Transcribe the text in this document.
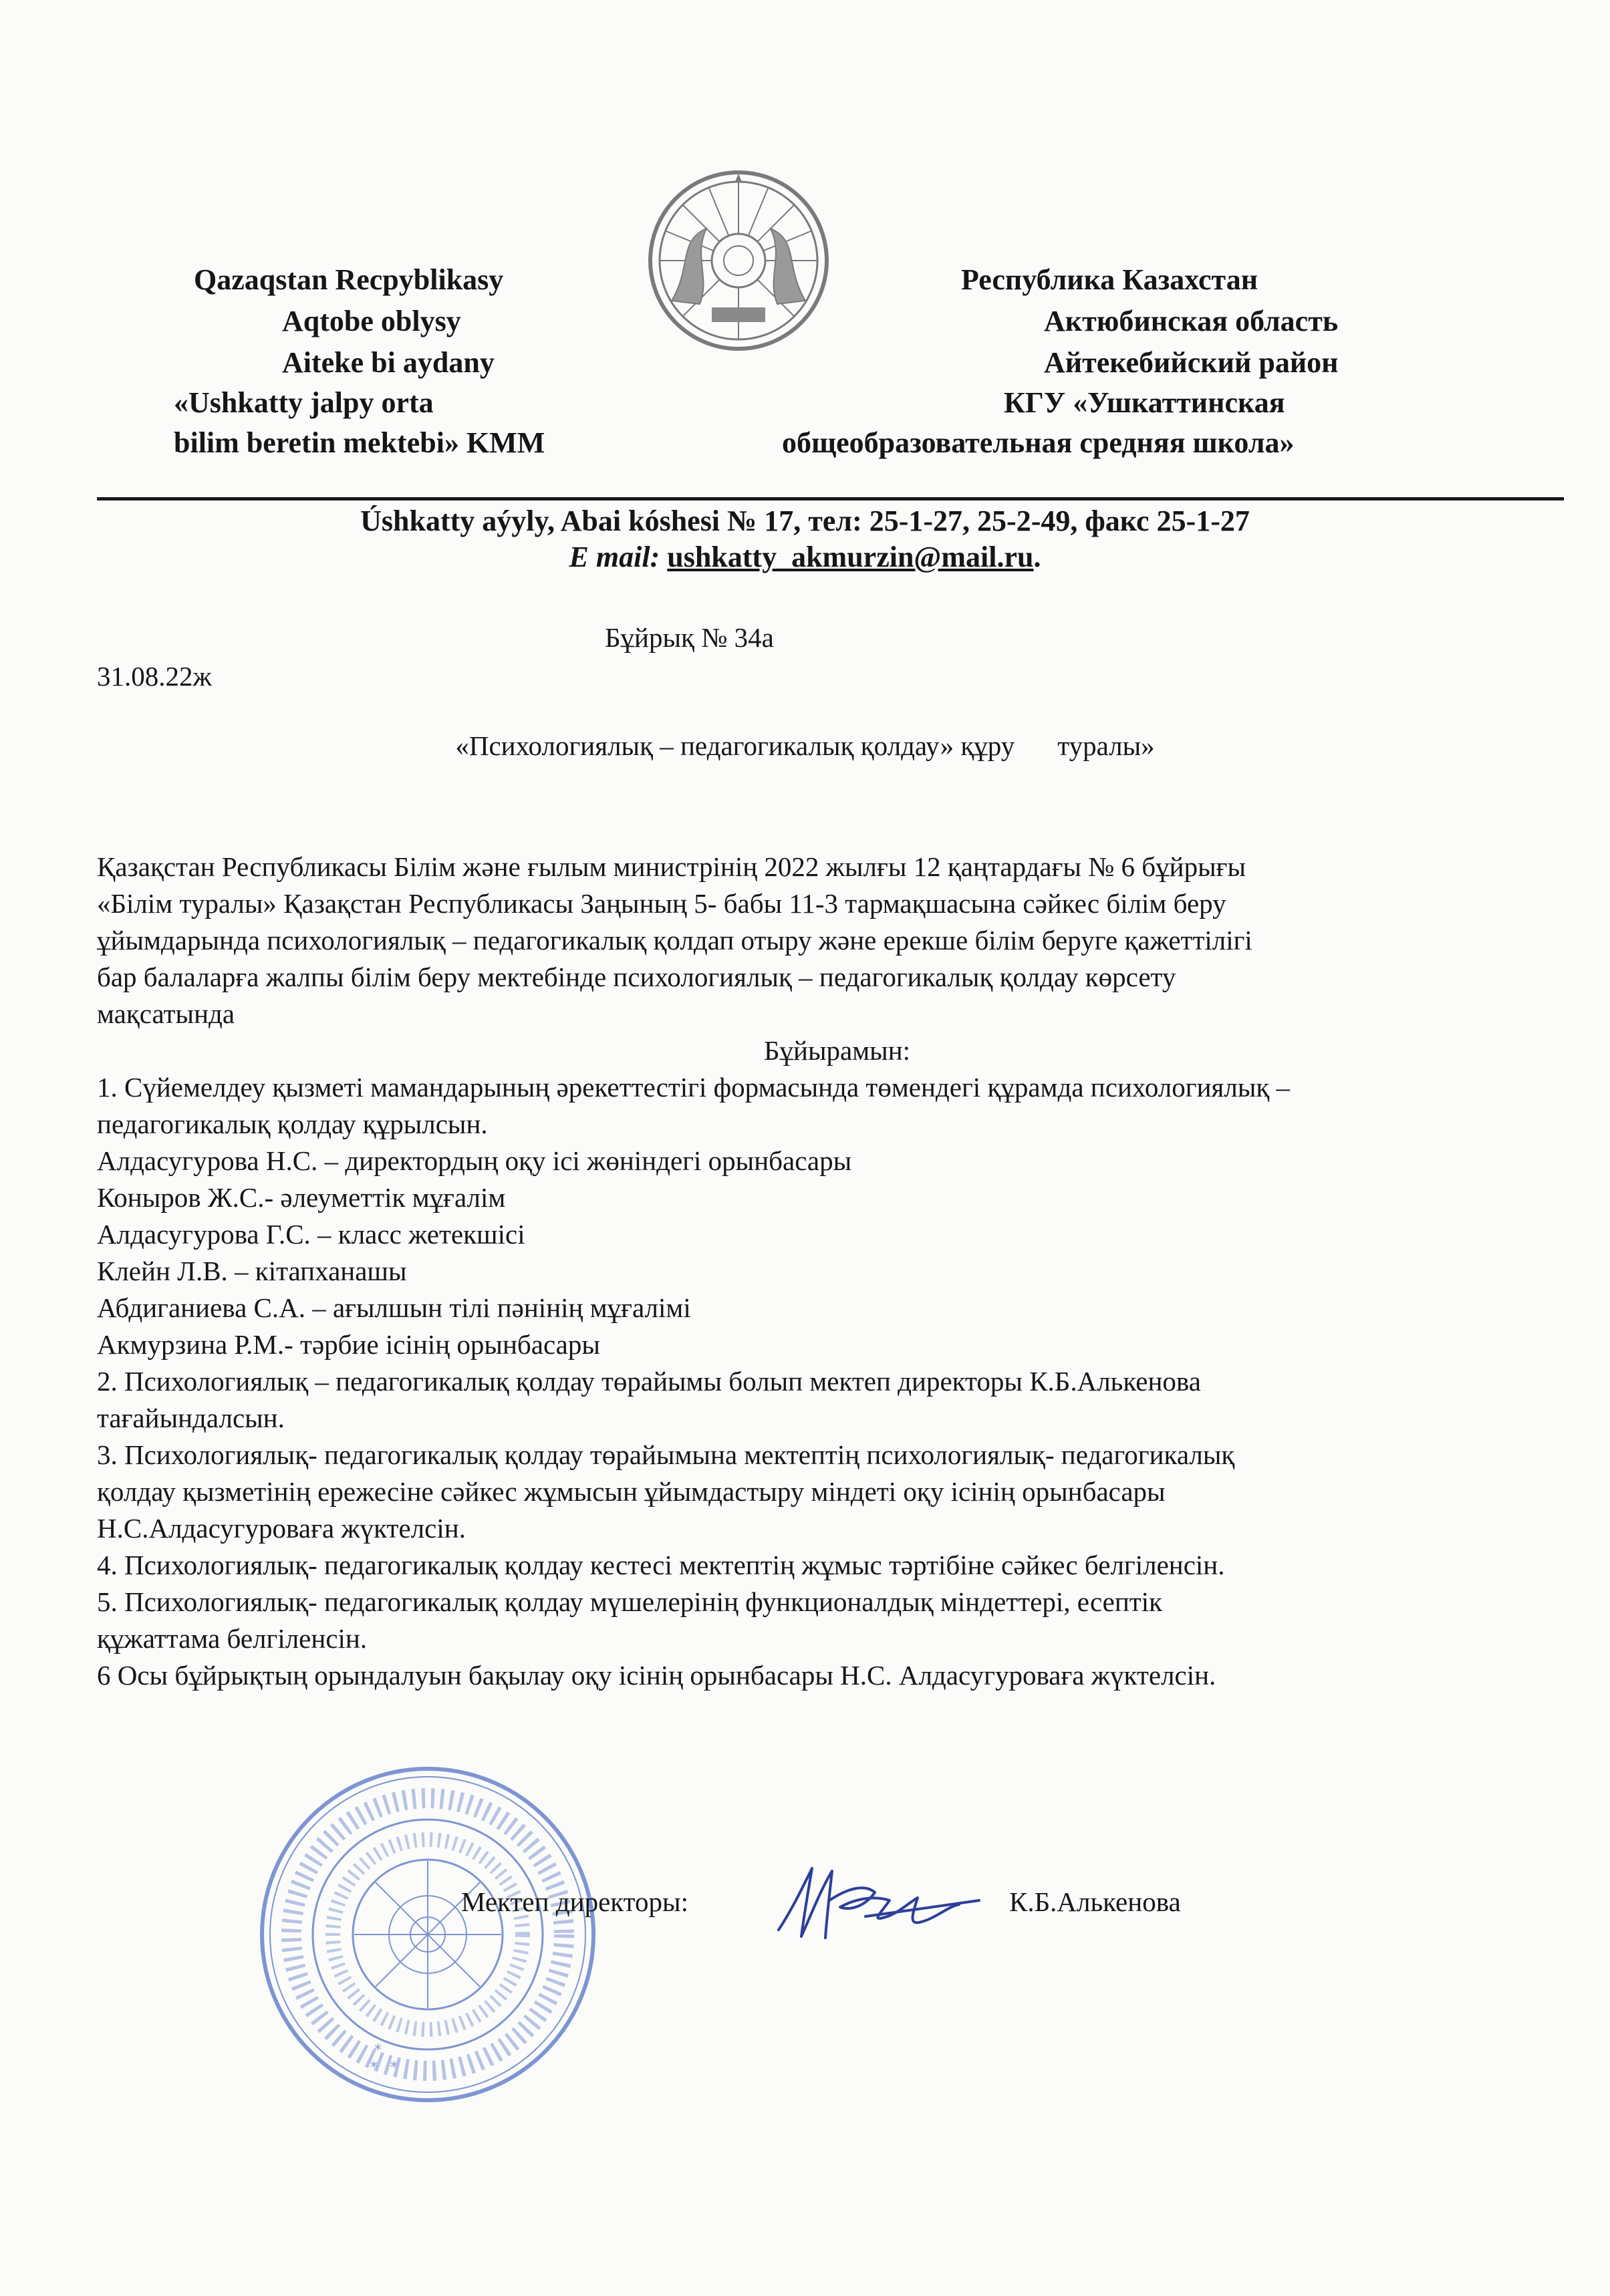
Qazaqstan Recpyblikasy
Aqtobe oblysy
Aiteke bi aydany
«Ushkatty jalpy orta
bilim beretin mektebi» KMM
Республика Казахстан
Актюбинская область
Айтекебийский район
КГУ «Ушкаттинская
общеобразовательная средняя школа»
Úshkatty aýyly, Abai kóshesi № 17, тел: 25-1-27, 25-2-49, факс 25-1-27
E mail: ushkatty_akmurzin@mail.ru.
Бұйрық № 34а
31.08.22ж
«Психологиялық – педагогикалық қолдау» құру туралы»

Қазақстан Республикасы Білім және ғылым министрінің 2022 жылғы 12 қаңтардағы № 6 бұйрығы

«Білім туралы» Қазақстан Республикасы Заңының 5- бабы 11-3 тармақшасына сәйкес білім беру

ұйымдарында психологиялық – педагогикалық қолдап отыру және ерекше білім беруге қажеттілігі

бар балаларға жалпы білім беру мектебінде психологиялық – педагогикалық қолдау көрсету

мақсатында

Бұйырамын:

1. Сүйемелдеу қызметі мамандарының әрекеттестігі формасында төмендегі құрамда психологиялық –

педагогикалық қолдау құрылсын.

Алдасугурова Н.С. – директордың оқу ісі жөніндегі орынбасары

Коныров Ж.С.- әлеуметтік мұғалім

Алдасугурова Г.С. – класс жетекшісі

Клейн Л.В. – кітапханашы

Абдиганиева С.А. – ағылшын тілі пәнінің мұғалімі

Акмурзина Р.М.- тәрбие ісінің орынбасары

2. Психологиялық – педагогикалық қолдау төрайымы болып мектеп директоры К.Б.Алькенова

тағайындалсын.

3. Психологиялық- педагогикалық қолдау төрайымына мектептің психологиялық- педагогикалық

қолдау қызметінің ережесіне сәйкес жұмысын ұйымдастыру міндеті оқу ісінің орынбасары

Н.С.Алдасугуроваға жүктелсін.

4. Психологиялық- педагогикалық қолдау кестесі мектептің жұмыс тәртібіне сәйкес белгіленсін.

5. Психологиялық- педагогикалық қолдау мүшелерінің функционалдық міндеттері, есептік

құжаттама белгіленсін.

6 Осы бұйрықтың орындалуын бақылау оқу ісінің орынбасары Н.С. Алдасугуроваға жүктелсін.

*
* *
Мектеп директоры:	К.Б.Алькенова
